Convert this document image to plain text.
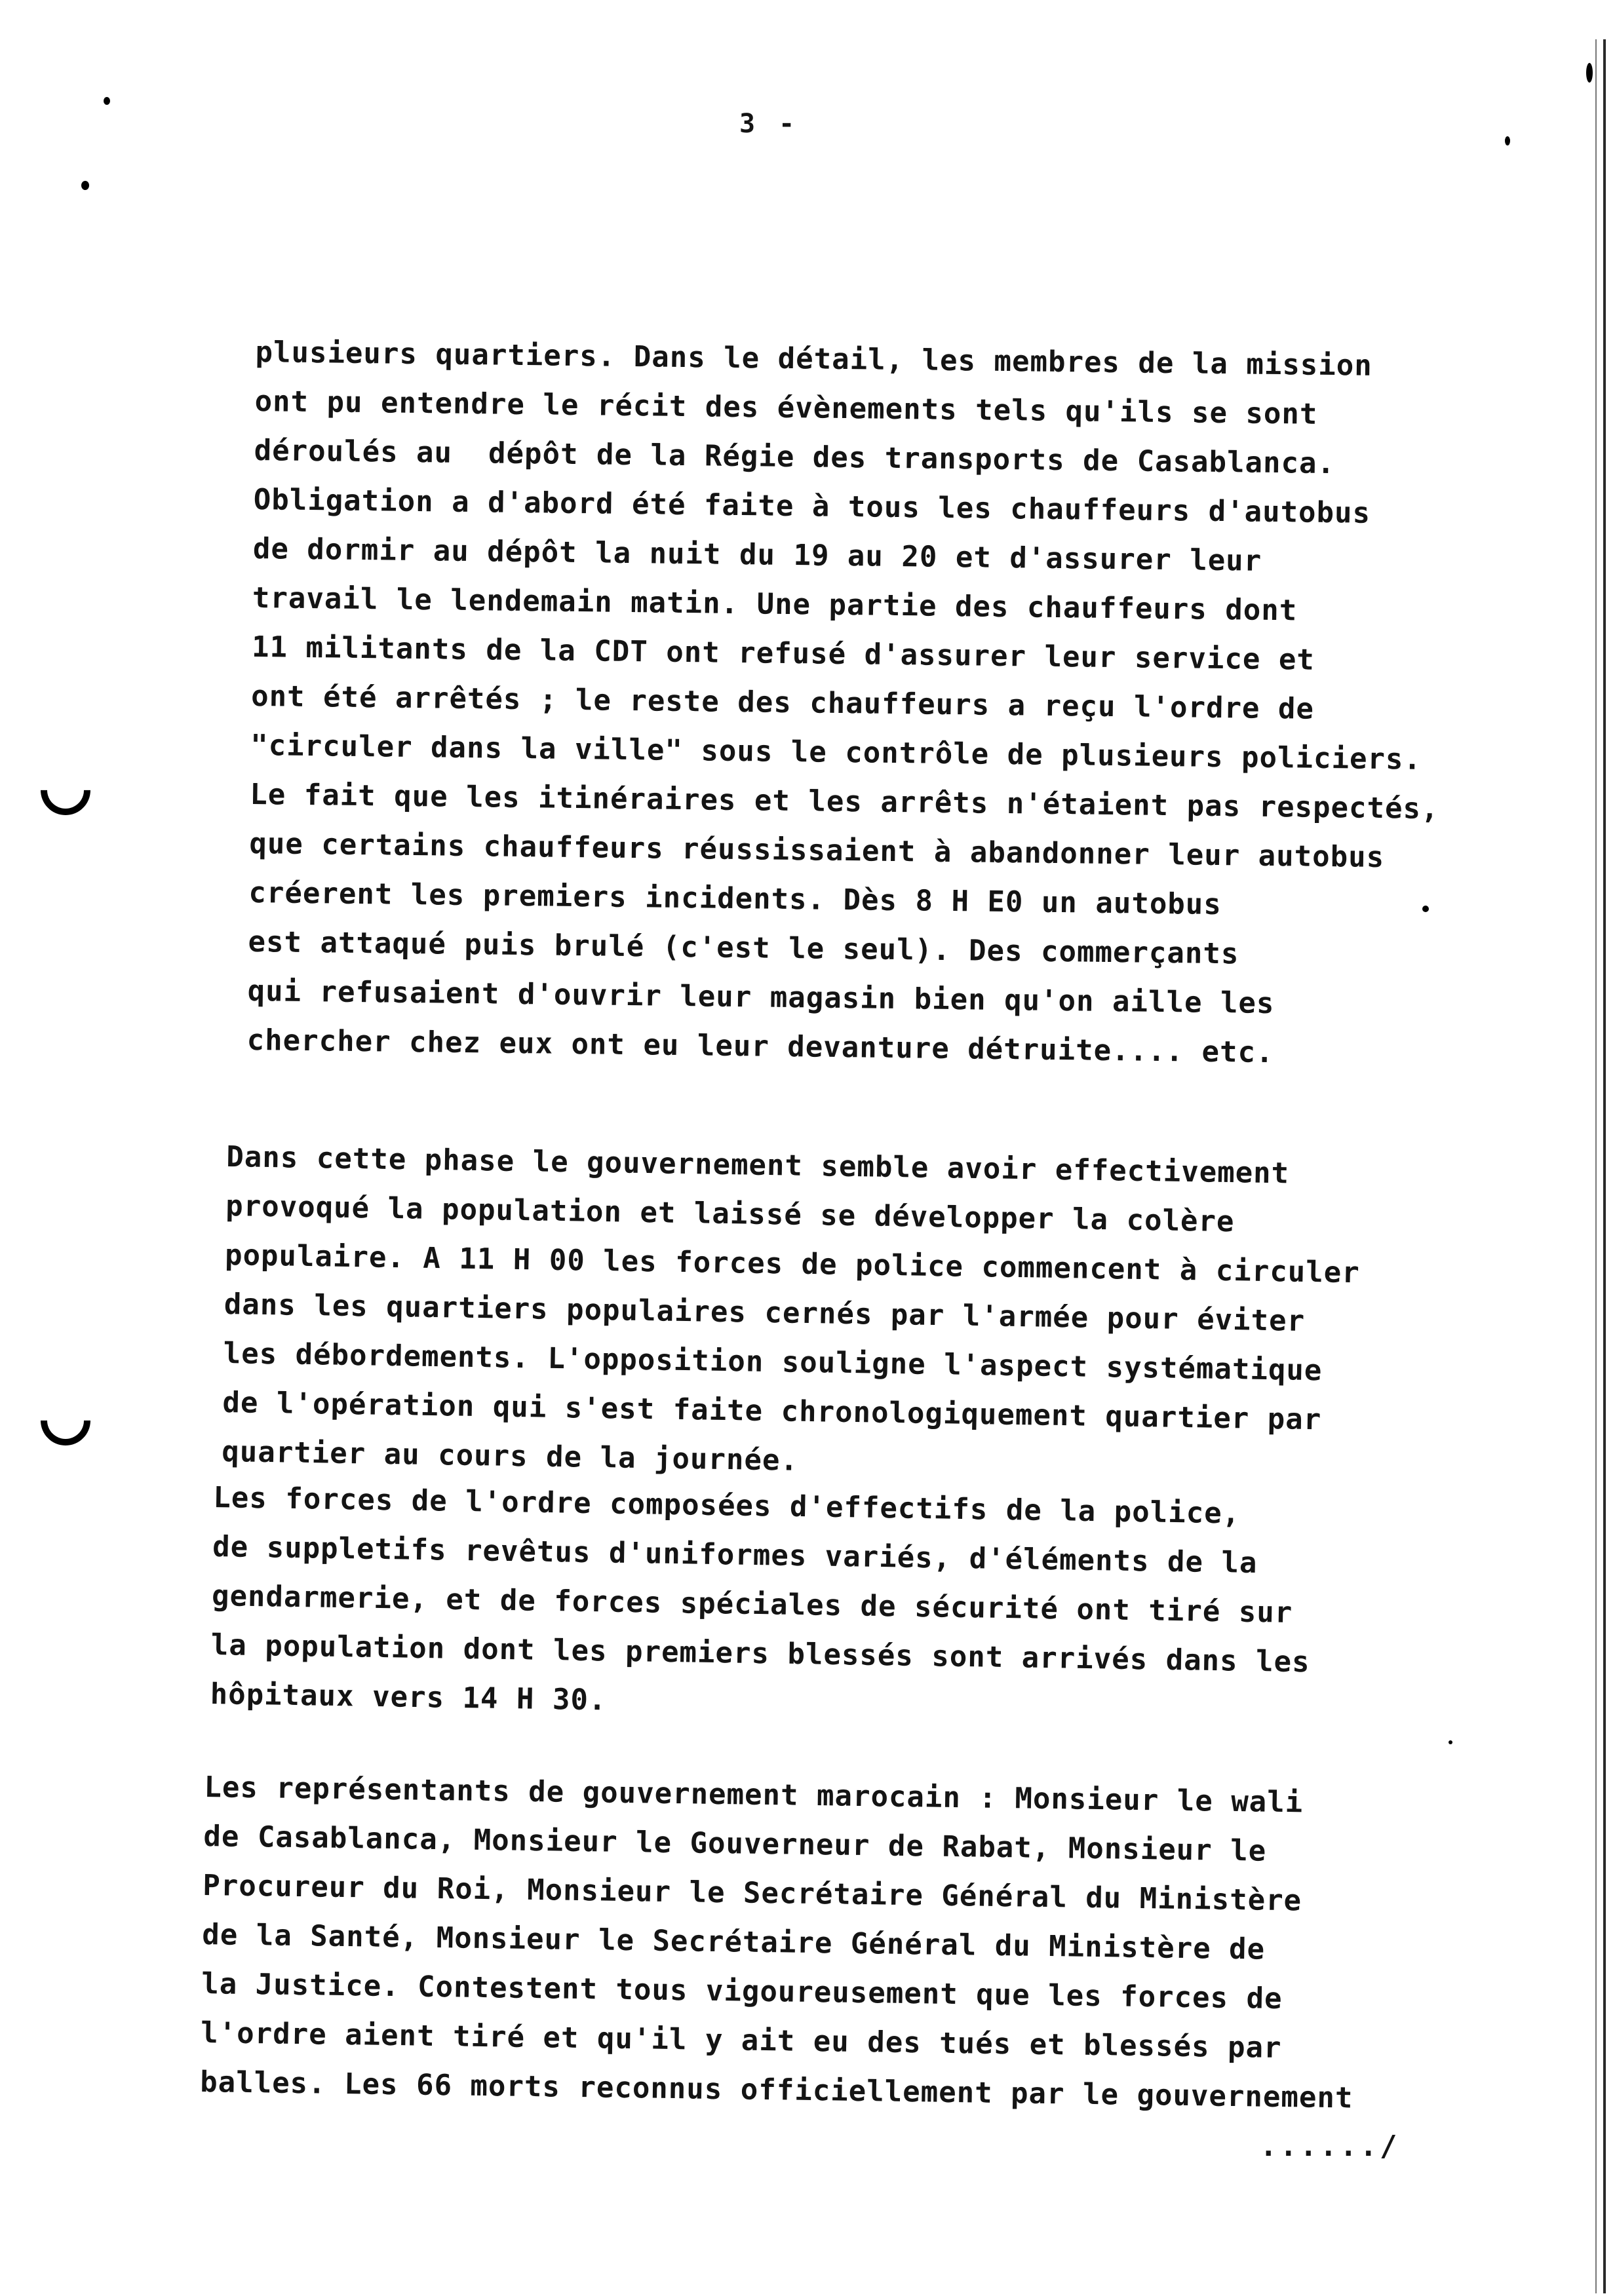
3 -
plusieurs quartiers. Dans le détail, les membres de la mission
ont pu entendre le récit des évènements tels qu'ils se sont
déroulés au  dépôt de la Régie des transports de Casablanca.
Obligation a d'abord été faite à tous les chauffeurs d'autobus
de dormir au dépôt la nuit du 19 au 20 et d'assurer leur
travail le lendemain matin. Une partie des chauffeurs dont
11 militants de la CDT ont refusé d'assurer leur service et
ont été arrêtés ; le reste des chauffeurs a reçu l'ordre de
"circuler dans la ville" sous le contrôle de plusieurs policiers.
Le fait que les itinéraires et les arrêts n'étaient pas respectés,
que certains chauffeurs réussissaient à abandonner leur autobus
créerent les premiers incidents. Dès 8 H E0 un autobus
est attaqué puis brulé (c'est le seul). Des commerçants
qui refusaient d'ouvrir leur magasin bien qu'on aille les
chercher chez eux ont eu leur devanture détruite.... etc.
Dans cette phase le gouvernement semble avoir effectivement
provoqué la population et laissé se développer la colère
populaire. A 11 H 00 les forces de police commencent à circuler
dans les quartiers populaires cernés par l'armée pour éviter
les débordements. L'opposition souligne l'aspect systématique
de l'opération qui s'est faite chronologiquement quartier par
quartier au cours de la journée.
Les forces de l'ordre composées d'effectifs de la police,
de suppletifs revêtus d'uniformes variés, d'éléments de la
gendarmerie, et de forces spéciales de sécurité ont tiré sur
la population dont les premiers blessés sont arrivés dans les
hôpitaux vers 14 H 30.
Les représentants de gouvernement marocain : Monsieur le wali
de Casablanca, Monsieur le Gouverneur de Rabat, Monsieur le
Procureur du Roi, Monsieur le Secrétaire Général du Ministère
de la Santé, Monsieur le Secrétaire Général du Ministère de
la Justice. Contestent tous vigoureusement que les forces de
l'ordre aient tiré et qu'il y ait eu des tués et blessés par
balles. Les 66 morts reconnus officiellement par le gouvernement
....../
